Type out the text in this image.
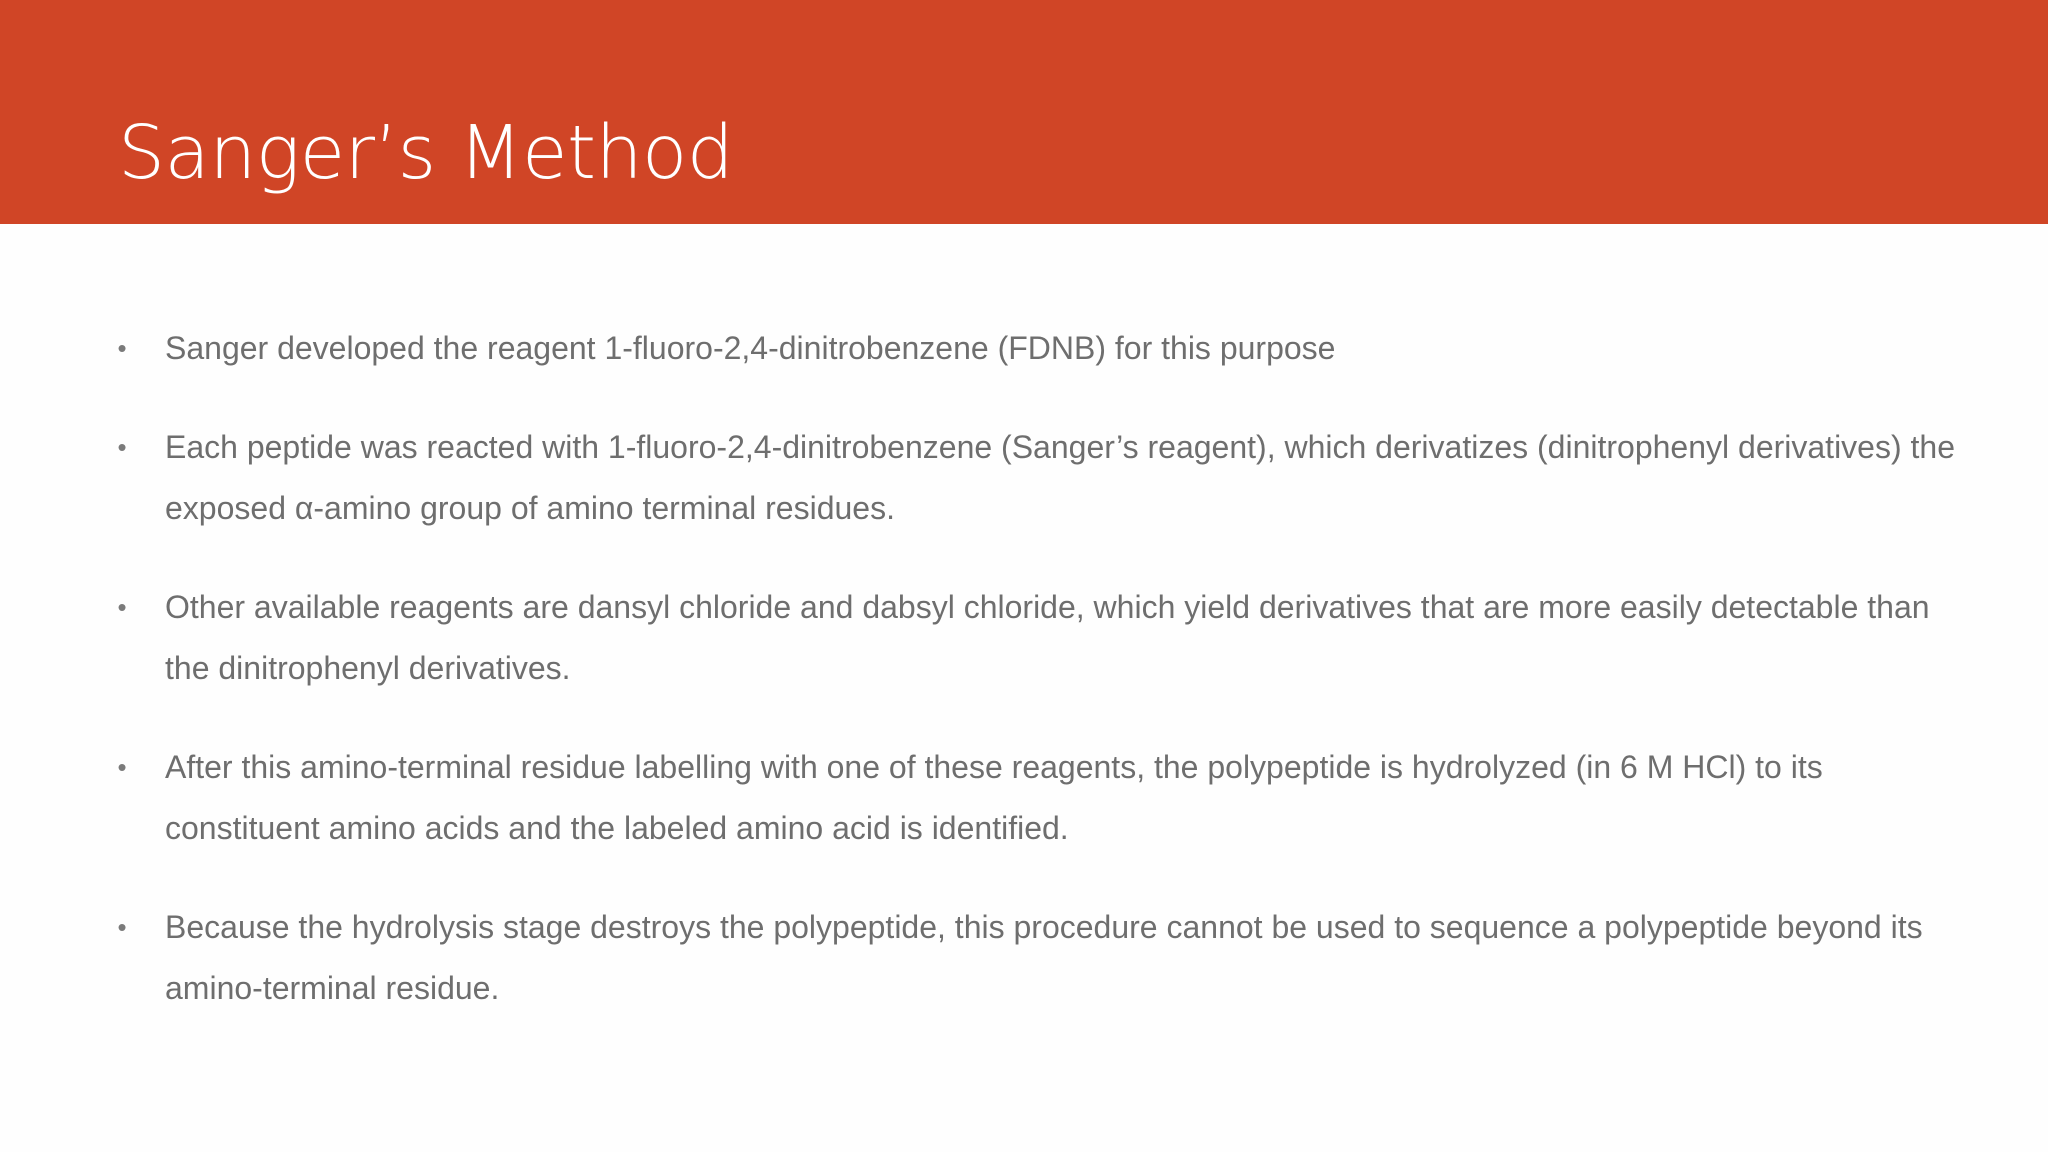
Sanger’s Method
• Sanger developed the reagent 1-fluoro-2,4-dinitrobenzene (FDNB) for this purpose
• Each peptide was reacted with 1-fluoro-2,4-dinitrobenzene (Sanger’s reagent), which derivatizes (dinitrophenyl derivatives) the exposed α-amino group of amino terminal residues.
• Other available reagents are dansyl chloride and dabsyl chloride, which yield derivatives that are more easily detectable than the dinitrophenyl derivatives.
• After this amino-terminal residue labelling with one of these reagents, the polypeptide is hydrolyzed (in 6 M HCl) to its constituent amino acids and the labeled amino acid is identified.
• Because the hydrolysis stage destroys the polypeptide, this procedure cannot be used to sequence a polypeptide beyond its amino-terminal residue.
